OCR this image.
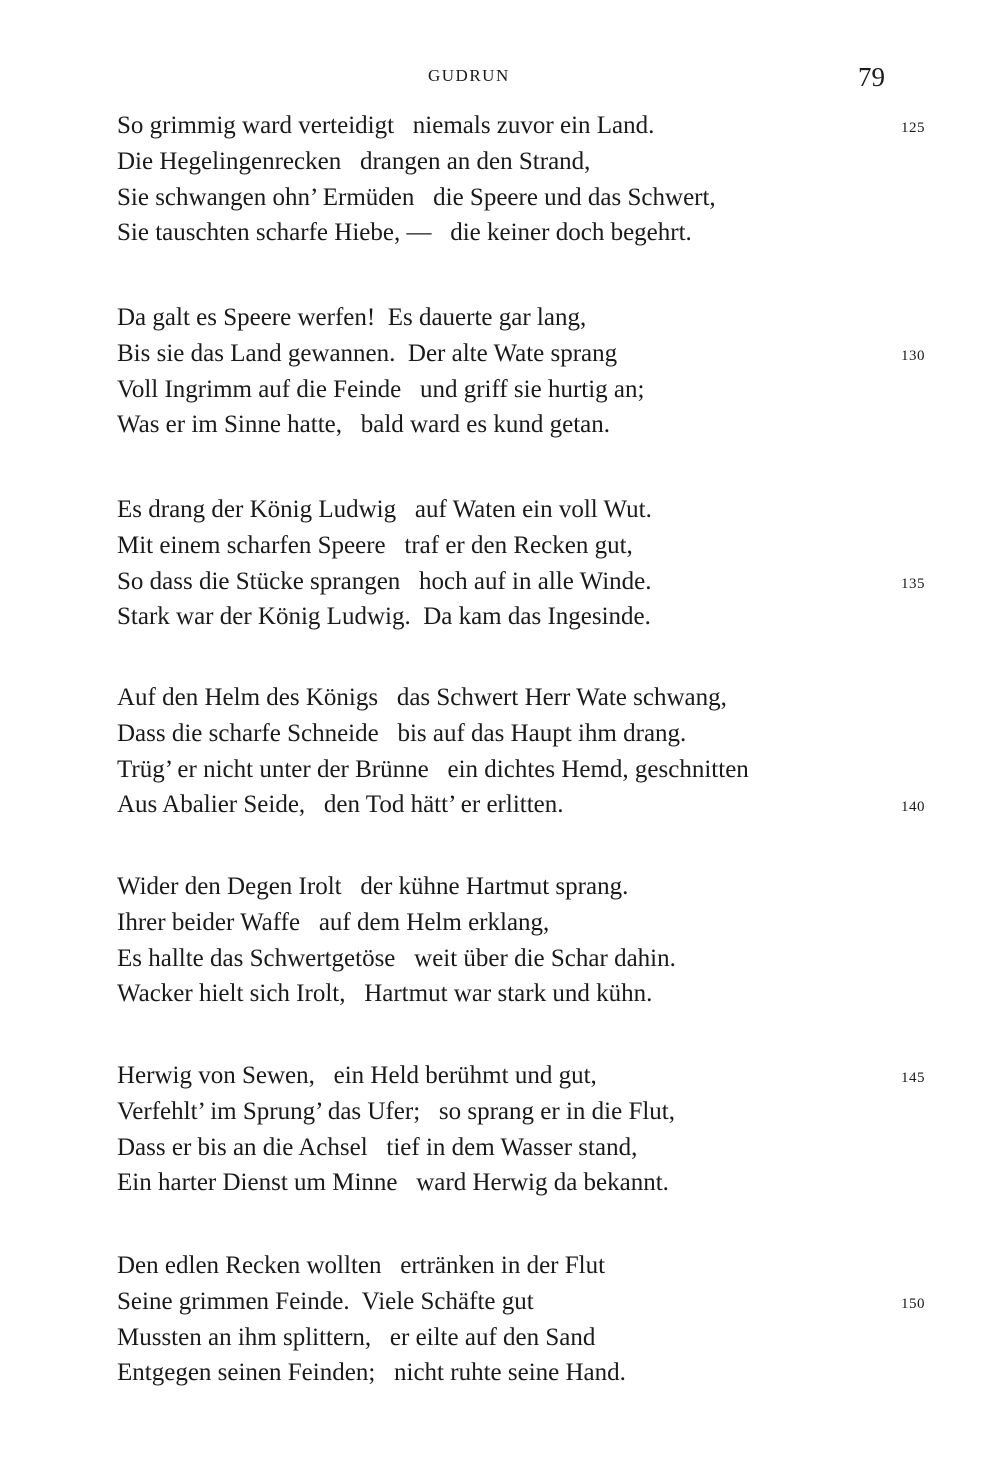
GUDRUN	79
So grimmig ward verteidigt   niemals zuvor ein Land.	125
Die Hegelingenrecken   drangen an den Strand,
Sie schwangen ohn’ Ermüden   die Speere und das Schwert,
Sie tauschten scharfe Hiebe, —   die keiner doch begehrt.
Da galt es Speere werfen!  Es dauerte gar lang,
Bis sie das Land gewannen.  Der alte Wate sprang	130
Voll Ingrimm auf die Feinde   und griff sie hurtig an;
Was er im Sinne hatte,   bald ward es kund getan.
Es drang der König Ludwig   auf Waten ein voll Wut.
Mit einem scharfen Speere   traf er den Recken gut,
So dass die Stücke sprangen   hoch auf in alle Winde.	135
Stark war der König Ludwig.  Da kam das Ingesinde.
Auf den Helm des Königs   das Schwert Herr Wate schwang,
Dass die scharfe Schneide   bis auf das Haupt ihm drang.
Trüg’ er nicht unter der Brünne   ein dichtes Hemd, geschnitten
Aus Abalier Seide,   den Tod hätt’ er erlitten.	140
Wider den Degen Irolt   der kühne Hartmut sprang.
Ihrer beider Waffe   auf dem Helm erklang,
Es hallte das Schwertgetöse   weit über die Schar dahin.
Wacker hielt sich Irolt,   Hartmut war stark und kühn.
Herwig von Sewen,   ein Held berühmt und gut,	145
Verfehlt’ im Sprung’ das Ufer;   so sprang er in die Flut,
Dass er bis an die Achsel   tief in dem Wasser stand,
Ein harter Dienst um Minne   ward Herwig da bekannt.
Den edlen Recken wollten   ertränken in der Flut
Seine grimmen Feinde.  Viele Schäfte gut	150
Mussten an ihm splittern,   er eilte auf den Sand
Entgegen seinen Feinden;   nicht ruhte seine Hand.
